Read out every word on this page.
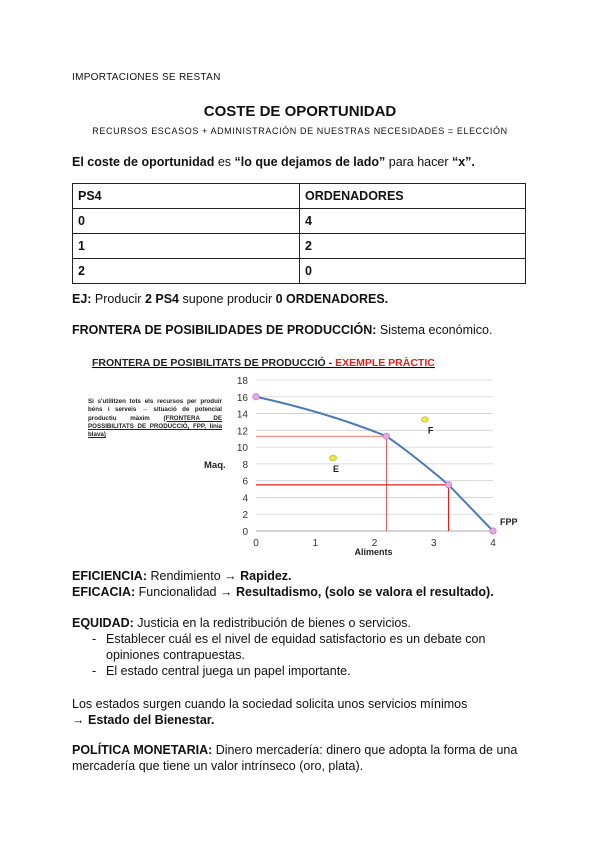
IMPORTACIONES SE RESTAN
COSTE DE OPORTUNIDAD
RECURSOS ESCASOS + ADMINISTRACIÓN DE NUESTRAS NECESIDADES = ELECCIÓN
El coste de oportunidad es “lo que dejamos de lado” para hacer “x”.
PS4	ORDENADORES
0	4
1	2
2	0
EJ: Producir 2 PS4 supone producir 0 ORDENADORES.
FRONTERA DE POSIBILIDADES DE PRODUCCIÓN: Sistema económico.
FRONTERA DE POSIBILITATS DE PRODUCCIÓ - EXEMPLE PRÀCTIC
0
2
4
6
8
10
12
14
16
18
0	1	2	3	4
Aliments
Maq.
FPP
F
E
Si s'utilitzen tots els recursos per produir béns i serveis → situació de potencial productiu màxim (FRONTERA DE POSSIBILITATS DE PRODUCCIÓ, FPP, línia blava)
EFICIENCIA: Rendimiento → Rapidez.
EFICACIA: Funcionalidad → Resultadismo, (solo se valora el resultado).
EQUIDAD: Justicia en la redistribución de bienes o servicios.
- Establecer cuál es el nivel de equidad satisfactorio es un debate con opiniones contrapuestas.
- El estado central juega un papel importante.
Los estados surgen cuando la sociedad solicita unos servicios mínimos
→ Estado del Bienestar.
POLÍTICA MONETARIA: Dinero mercadería: dinero que adopta la forma de una mercadería que tiene un valor intrínseco (oro, plata).
